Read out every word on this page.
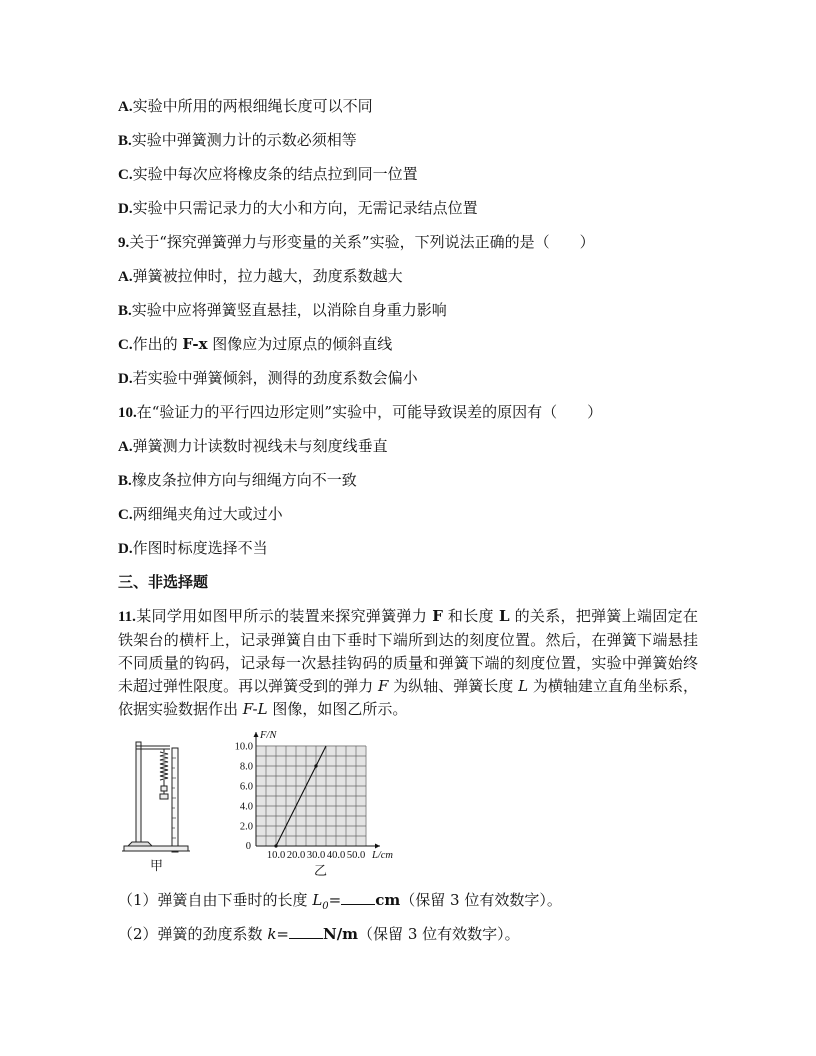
A.实验中所用的两根细绳长度可以不同
B.实验中弹簧测力计的示数必须相等
C.实验中每次应将橡皮条的结点拉到同一位置
D.实验中只需记录力的大小和方向，无需记录结点位置
9.关于“探究弹簧弹力与形变量的关系”实验，下列说法正确的是（　　）
A.弹簧被拉伸时，拉力越大，劲度系数越大
B.实验中应将弹簧竖直悬挂，以消除自身重力影响
C.作出的 F-x 图像应为过原点的倾斜直线
D.若实验中弹簧倾斜，测得的劲度系数会偏小
10.在“验证力的平行四边形定则”实验中，可能导致误差的原因有（　　）
A.弹簧测力计读数时视线未与刻度线垂直
B.橡皮条拉伸方向与细绳方向不一致
C.两细绳夹角过大或过小
D.作图时标度选择不当
三、非选择题
11.某同学用如图甲所示的装置来探究弹簧弹力 F 和长度 L 的关系，把弹簧上端固定在铁架台的横杆上，记录弹簧自由下垂时下端所到达的刻度位置。然后，在弹簧下端悬挂不同质量的钩码，记录每一次悬挂钩码的质量和弹簧下端的刻度位置，实验中弹簧始终未超过弹性限度。再以弹簧受到的弹力 F 为纵轴、弹簧长度 L 为横轴建立直角坐标系，依据实验数据作出 F-L 图像，如图乙所示。
甲
2.0
4.0
6.0
8.0
10.0
10.0 20.0 30.0 40.0 50.0
0
F/N
L/cm
（1）弹簧自由下垂时的长度 $L_0= cm$（保留 3 位有效数字）。
（2）弹簧的劲度系数 k= N/m（保留 3 位有效数字）。
乙
